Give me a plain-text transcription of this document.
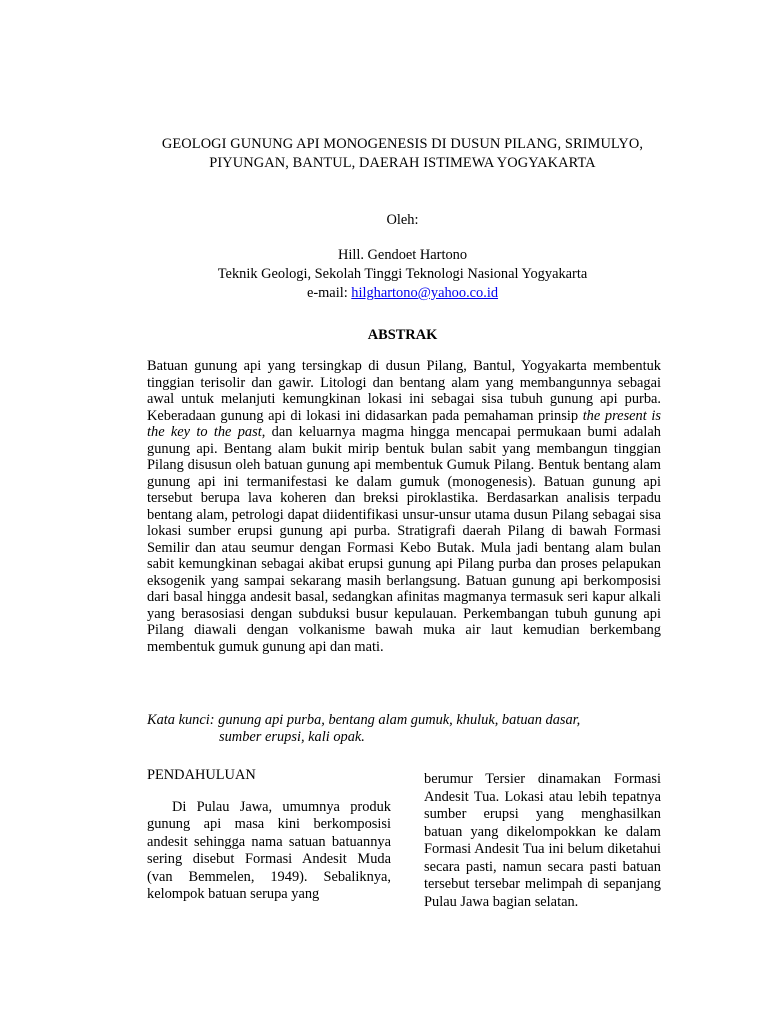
GEOLOGI GUNUNG API MONOGENESIS DI DUSUN PILANG, SRIMULYO, PIYUNGAN, BANTUL, DAERAH ISTIMEWA YOGYAKARTA
Oleh:
Hill. Gendoet Hartono
Teknik Geologi, Sekolah Tinggi Teknologi Nasional Yogyakarta
e-mail: hilghartono@yahoo.co.id
ABSTRAK

Batuan gunung api yang tersingkap di dusun Pilang, Bantul, Yogyakarta membentuk tinggian terisolir dan gawir. Litologi dan bentang alam yang membangunnya sebagai awal untuk melanjuti kemungkinan lokasi ini sebagai sisa tubuh gunung api purba. Keberadaan gunung api di lokasi ini didasarkan pada pemahaman prinsip the present is the key to the past, dan keluarnya magma hingga mencapai permukaan bumi adalah gunung api. Bentang alam bukit mirip bentuk bulan sabit yang membangun tinggian Pilang disusun oleh batuan gunung api membentuk Gumuk Pilang. Bentuk bentang alam gunung api ini termanifestasi ke dalam gumuk (monogenesis). Batuan gunung api tersebut berupa lava koheren dan breksi piroklastika. Berdasarkan analisis terpadu bentang alam, petrologi dapat diidentifikasi unsur-unsur utama dusun Pilang sebagai sisa lokasi sumber erupsi gunung api purba. Stratigrafi daerah Pilang di bawah Formasi Semilir dan atau seumur dengan Formasi Kebo Butak. Mula jadi bentang alam bulan sabit kemungkinan sebagai akibat erupsi gunung api Pilang purba dan proses pelapukan eksogenik yang sampai sekarang masih berlangsung. Batuan gunung api berkomposisi dari basal hingga andesit basal, sedangkan afinitas magmanya termasuk seri kapur alkali yang berasosiasi dengan subduksi busur kepulauan. Perkembangan tubuh gunung api Pilang diawali dengan volkanisme bawah muka air laut kemudian berkembang membentuk gumuk gunung api dan mati.

Kata kunci: gunung api purba, bentang alam gumuk, khuluk, batuan dasar,
sumber erupsi, kali opak.

PENDAHULUAN

Di Pulau Jawa, umumnya produk gunung api masa kini berkomposisi andesit sehingga nama satuan batuannya sering disebut Formasi Andesit Muda (van Bemmelen, 1949). Sebaliknya, kelompok batuan serupa yang

berumur Tersier dinamakan Formasi Andesit Tua. Lokasi atau lebih tepatnya sumber erupsi yang menghasilkan batuan yang dikelompokkan ke dalam Formasi Andesit Tua ini belum diketahui secara pasti, namun secara pasti batuan tersebut tersebar melimpah di sepanjang Pulau Jawa bagian selatan.
